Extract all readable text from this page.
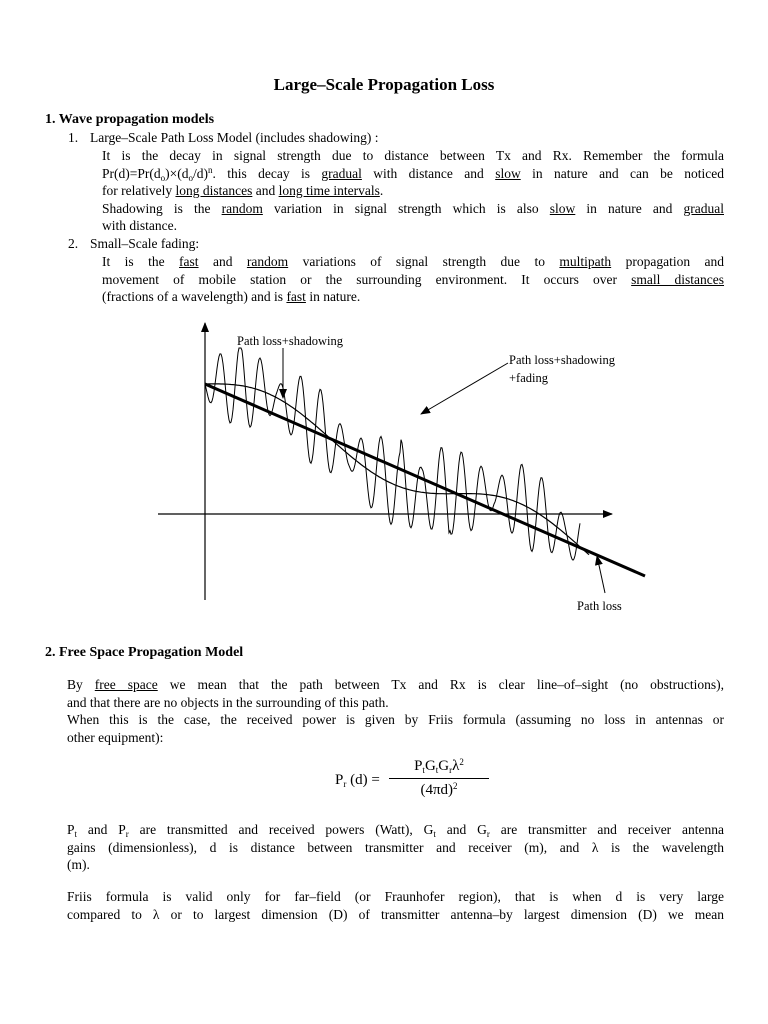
Large–Scale Propagation Loss
1. Wave propagation models
1. Large–Scale Path Loss Model (includes shadowing) :
It is the decay in signal strength due to distance between Tx and Rx. Remember the formula
$Pr(d)=Pr(d_o)\times(d_o/d)^n$. this decay is gradual with distance and slow in nature and can be noticed
for relatively long distances and long time intervals.
Shadowing is the random variation in signal strength which is also slow in nature and gradual
with distance.
2. Small–Scale fading:
It is the fast and random variations of signal strength due to multipath propagation and
movement of mobile station or the surrounding environment. It occurs over small distances
(fractions of a wavelength) and is fast in nature.
Path loss+shadowing
Path loss+shadowing
+fading
Path loss
2. Free Space Propagation Model
By free space we mean that the path between Tx and Rx is clear line–of–sight (no obstructions),
and that there are no objects in the surrounding of this path.
When this is the case, the received power is given by Friis formula (assuming no loss in antennas or
other equipment):
$P_r$ (d) =
$P_tG_tG_r\lambda^2$
$(4\pi d)^2$
$P_t$ and $P_r$ are transmitted and received powers (Watt), $G_t$ and $G_r$ are transmitter and receiver antenna
gains (dimensionless), d is distance between transmitter and receiver (m), and λ is the wavelength
(m).
Friis formula is valid only for far–field (or Fraunhofer region), that is when d is very large
compared to λ or to largest dimension (D) of transmitter antenna–by largest dimension (D) we mean
